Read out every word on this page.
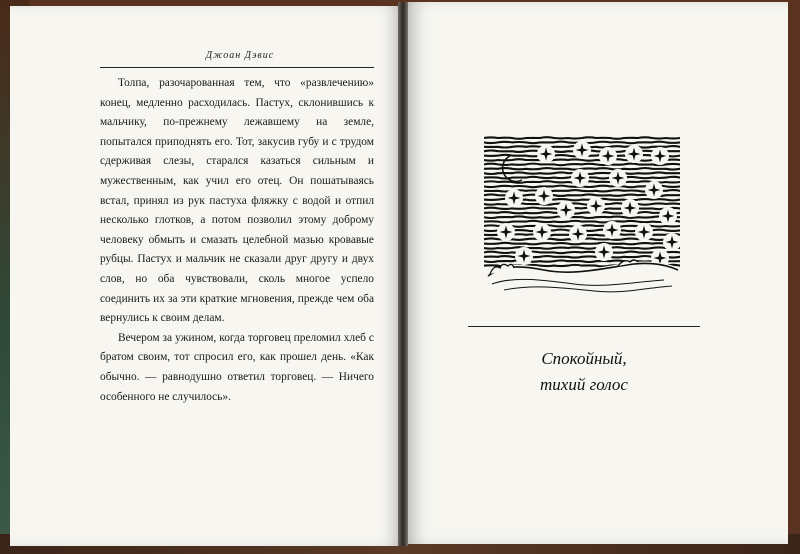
Джоан Дэвис

Толпа, разочарованная тем, что «развлечению» конец, медленно расходилась. Пастух, склонившись к мальчику, по-прежнему лежавшему на земле, попытался приподнять его. Тот, закусив губу и с трудом сдерживая слезы, старался казаться сильным и мужественным, как учил его отец. Он пошатываясь встал, принял из рук пастуха фляжку с водой и отпил несколько глотков, а потом позволил этому доброму человеку обмыть и смазать целебной мазью кровавые рубцы. Пастух и мальчик не сказали друг другу и двух слов, но оба чувствовали, сколь многое успело соединить их за эти краткие мгновения, прежде чем оба вернулись к своим делам.

Вечером за ужином, когда торговец преломил хлеб с братом своим, тот спросил его, как прошел день. «Как обычно. — равнодушно ответил торговец. — Ничего особенного не случилось».

Спокойный,
тихий голос
